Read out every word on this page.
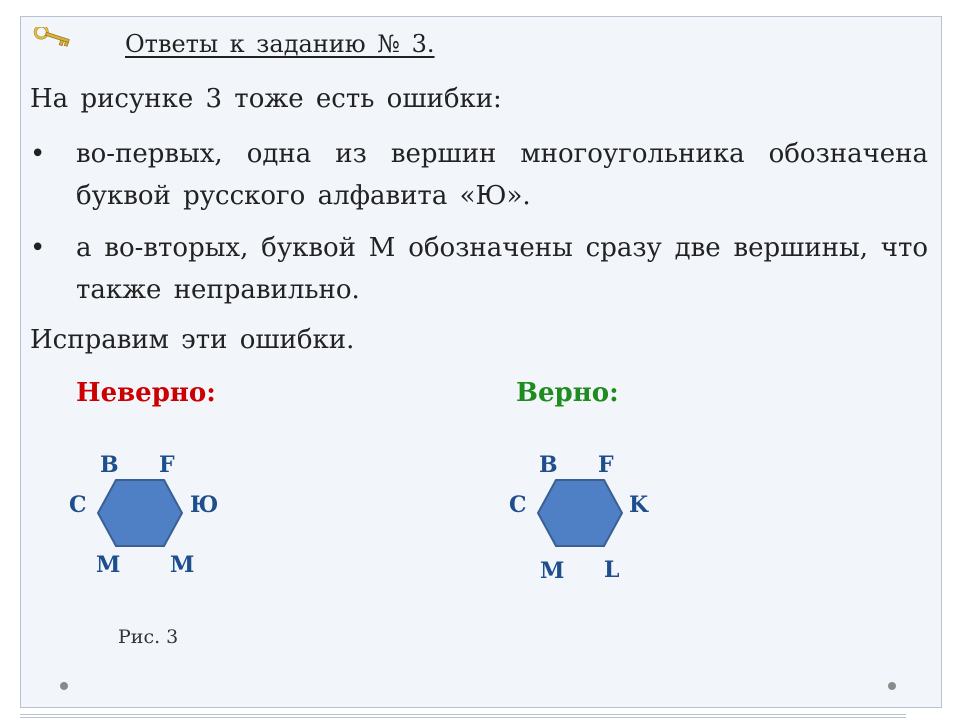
Ответы к заданию № 3.
На рисунке 3 тоже есть ошибки:
•	во-первых, одна из вершин многоугольника обозначена буквой русского алфавита «Ю».
•	а во-вторых, буквой М обозначены сразу две вершины, что также неправильно.
Исправим эти ошибки.
Неверно:	Верно:
B F
C	Ю
M M
Рис. 3
B F
C	K
M L
